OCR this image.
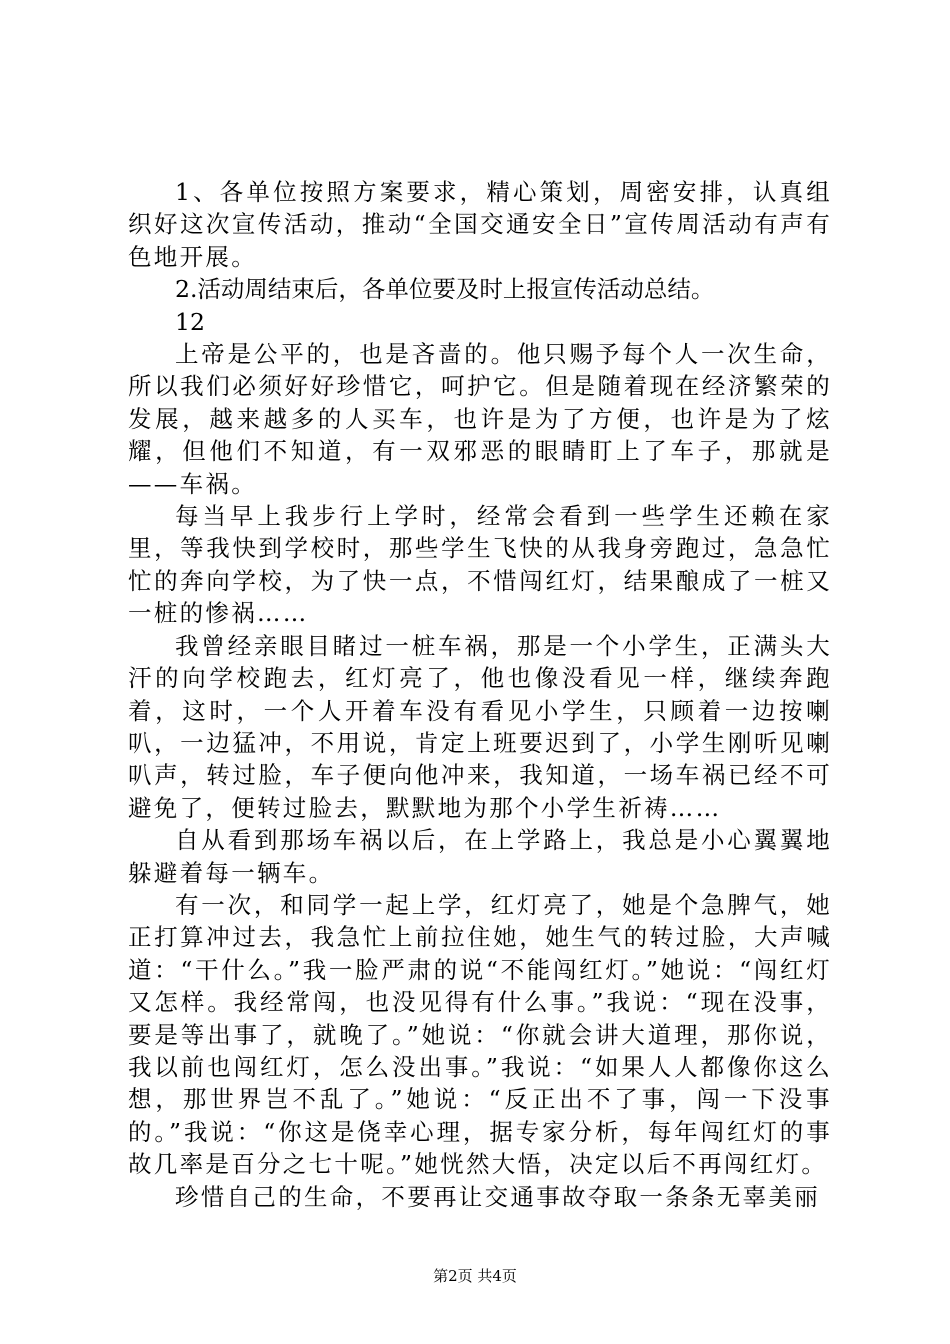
1、各单位按照方案要求，精心策划，周密安排，认真组织好这次宣传活动，推动“全国交通安全日”宣传周活动有声有色地开展。

2.活动周结束后，各单位要及时上报宣传活动总结。

12

上帝是公平的，也是吝啬的。他只赐予每个人一次生命，所以我们必须好好珍惜它，呵护它。但是随着现在经济繁荣的发展，越来越多的人买车，也许是为了方便，也许是为了炫耀，但他们不知道，有一双邪恶的眼睛盯上了车子，那就是——车祸。

每当早上我步行上学时，经常会看到一些学生还赖在家里，等我快到学校时，那些学生飞快的从我身旁跑过，急急忙忙的奔向学校，为了快一点，不惜闯红灯，结果酿成了一桩又一桩的惨祸……

我曾经亲眼目睹过一桩车祸，那是一个小学生，正满头大汗的向学校跑去，红灯亮了，他也像没看见一样，继续奔跑着，这时，一个人开着车没有看见小学生，只顾着一边按喇叭，一边猛冲，不用说，肯定上班要迟到了，小学生刚听见喇叭声，转过脸，车子便向他冲来，我知道，一场车祸已经不可避免了，便转过脸去，默默地为那个小学生祈祷……

自从看到那场车祸以后，在上学路上，我总是小心翼翼地躲避着每一辆车。

有一次，和同学一起上学，红灯亮了，她是个急脾气，她正打算冲过去，我急忙上前拉住她，她生气的转过脸，大声喊道：“干什么。”我一脸严肃的说“不能闯红灯。”她说：“闯红灯又怎样。我经常闯，也没见得有什么事。”我说：“现在没事，要是等出事了，就晚了。”她说：“你就会讲大道理，那你说，我以前也闯红灯，怎么没出事。”我说：“如果人人都像你这么想，那世界岂不乱了。”她说：“反正出不了事，闯一下没事的。”我说：“你这是侥幸心理，据专家分析，每年闯红灯的事故几率是百分之七十呢。”她恍然大悟，决定以后不再闯红灯。

珍惜自己的生命，不要再让交通事故夺取一条条无辜美丽

第2页 共4页
